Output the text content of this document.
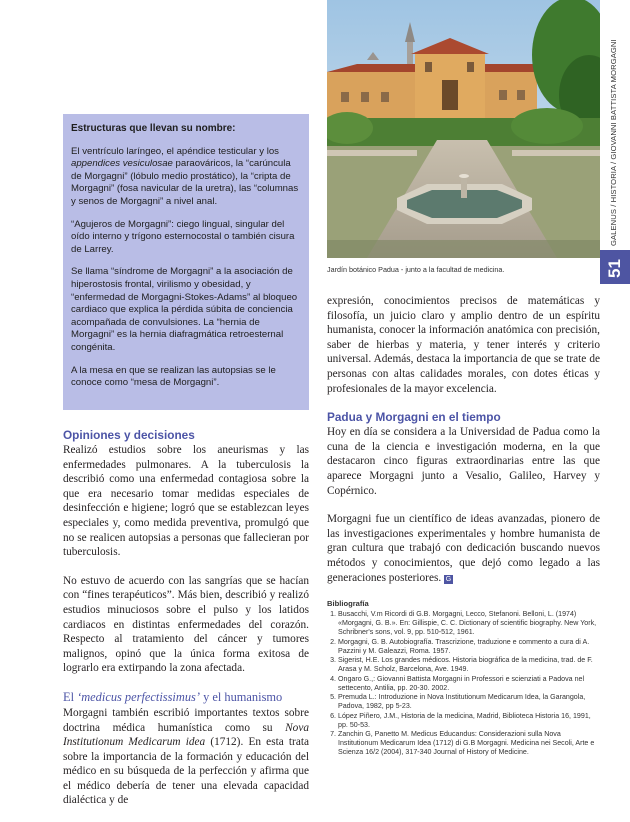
Estructuras que llevan su nombre:

El ventrículo laríngeo, el apéndice testicular y los appendices vesiculosae paraováricos, la “carúncula de Morgagni” (lóbulo medio prostático), la “cripta de Morgagni” (fosa navicular de la uretra), las “columnas y senos de Morgagni” a nivel anal.

“Agujeros de Morgagni”: ciego lingual, singular del oído interno y trígono esternocostal o también cisura de Larrey.

Se llama “síndrome de Morgagni” a la asociación de hiperostosis frontal, virilismo y obesidad, y “enfermedad de Morgagni-Stokes-Adams” al bloqueo cardiaco que explica la pérdida súbita de conciencia acompañada de convulsiones. La “hernia de Morgagni” es la hernia diafragmática retroesternal congénita.

A la mesa en que se realizan las autopsias se le conoce como “mesa de Morgagni”.

Jardín botánico Padua - junto a la facultad de medicina.
GALENUS / HISTORIA / GIOVANNI BATTISTA MORGAGNI
51
Opiniones y decisiones

Realizó estudios sobre los aneurismas y las enfermedades pulmonares. A la tuberculosis la describió como una enfermedad contagiosa sobre la que era necesario tomar medidas especiales de desinfección e higiene; logró que se establezcan leyes especiales y, como medida preventiva, promulgó que no se realicen autopsias a personas que fallecieran por tuberculosis.

No estuvo de acuerdo con las sangrías que se hacían con “fines terapéuticos”. Más bien, describió y realizó estudios minuciosos sobre el pulso y los latidos cardiacos en distintas enfermedades del corazón. Respecto al tratamiento del cáncer y tumores malignos, opinó que la única forma exitosa de lograrlo era extirpando la zona afectada.

El ‘medicus perfectissimus’ y el humanismo

Morgagni también escribió importantes textos sobre doctrina médica humanística como su Nova Institutionum Medicarum idea (1712). En esta trata sobre la importancia de la formación y educación del médico en su búsqueda de la perfección y afirma que el médico debería de tener una elevada capacidad dialéctica y de

expresión, conocimientos precisos de matemáticas y filosofía, un juicio claro y amplio dentro de un espíritu humanista, conocer la información anatómica con precisión, saber de hierbas y materia, y tener interés y criterio universal. Además, destaca la importancia de que se trate de personas con altas calidades morales, con dotes éticas y profesionales de la mayor excelencia.

Padua y Morgagni en el tiempo

Hoy en día se considera a la Universidad de Padua como la cuna de la ciencia e investigación moderna, en la que destacaron cinco figuras extraordinarias entre las que aparece Morgagni junto a Vesalio, Galileo, Harvey y Copérnico.

Morgagni fue un científico de ideas avanzadas, pionero de las investigaciones experimentales y hombre humanista de gran cultura que trabajó con dedicación buscando nuevos métodos y conocimientos, que dejó como legado a las generaciones posteriores. G

Bibliografía
1. Busacchi, V.m Ricordi di G.B. Morgagni, Lecco, Stefanoni. Belloni, L. (1974) «Morgagni, G. B.». En: Gillispie, C. C. Dictionary of scientific biography. New York, Schribner's sons, vol. 9, pp. 510-512, 1961.
2. Morgagni, G. B. Autobiografía. Trascrizione, traduzione e commento a cura di A. Pazzini y M. Galeazzi, Roma. 1957.
3. Sigerist, H.E. Los grandes médicos. Historia biográfica de la medicina, trad. de F. Arasa y M. Scholz, Barcelona, Ave. 1949.
4. Ongaro G.,: Giovanni Battista Morgagni in Professori e scienziati a Padova nel settecento, Antilia, pp. 20-30. 2002.
5. Premuda L.: Introduzione in Nova Institutionum Medicarum Idea, la Garangola, Padova, 1982, pp 5-23.
6. López Piñero, J.M., Historia de la medicina, Madrid, Biblioteca Historia 16, 1991, pp. 50-53.
7. Zanchin G, Panetto M. Medicus Educandus: Considerazioni sulla Nova Institutionum Medicarum Idea (1712) di G.B Morgagni. Medicina nei Secoli, Arte e Scienza 16/2 (2004), 317-340 Journal of History of Medicine.
